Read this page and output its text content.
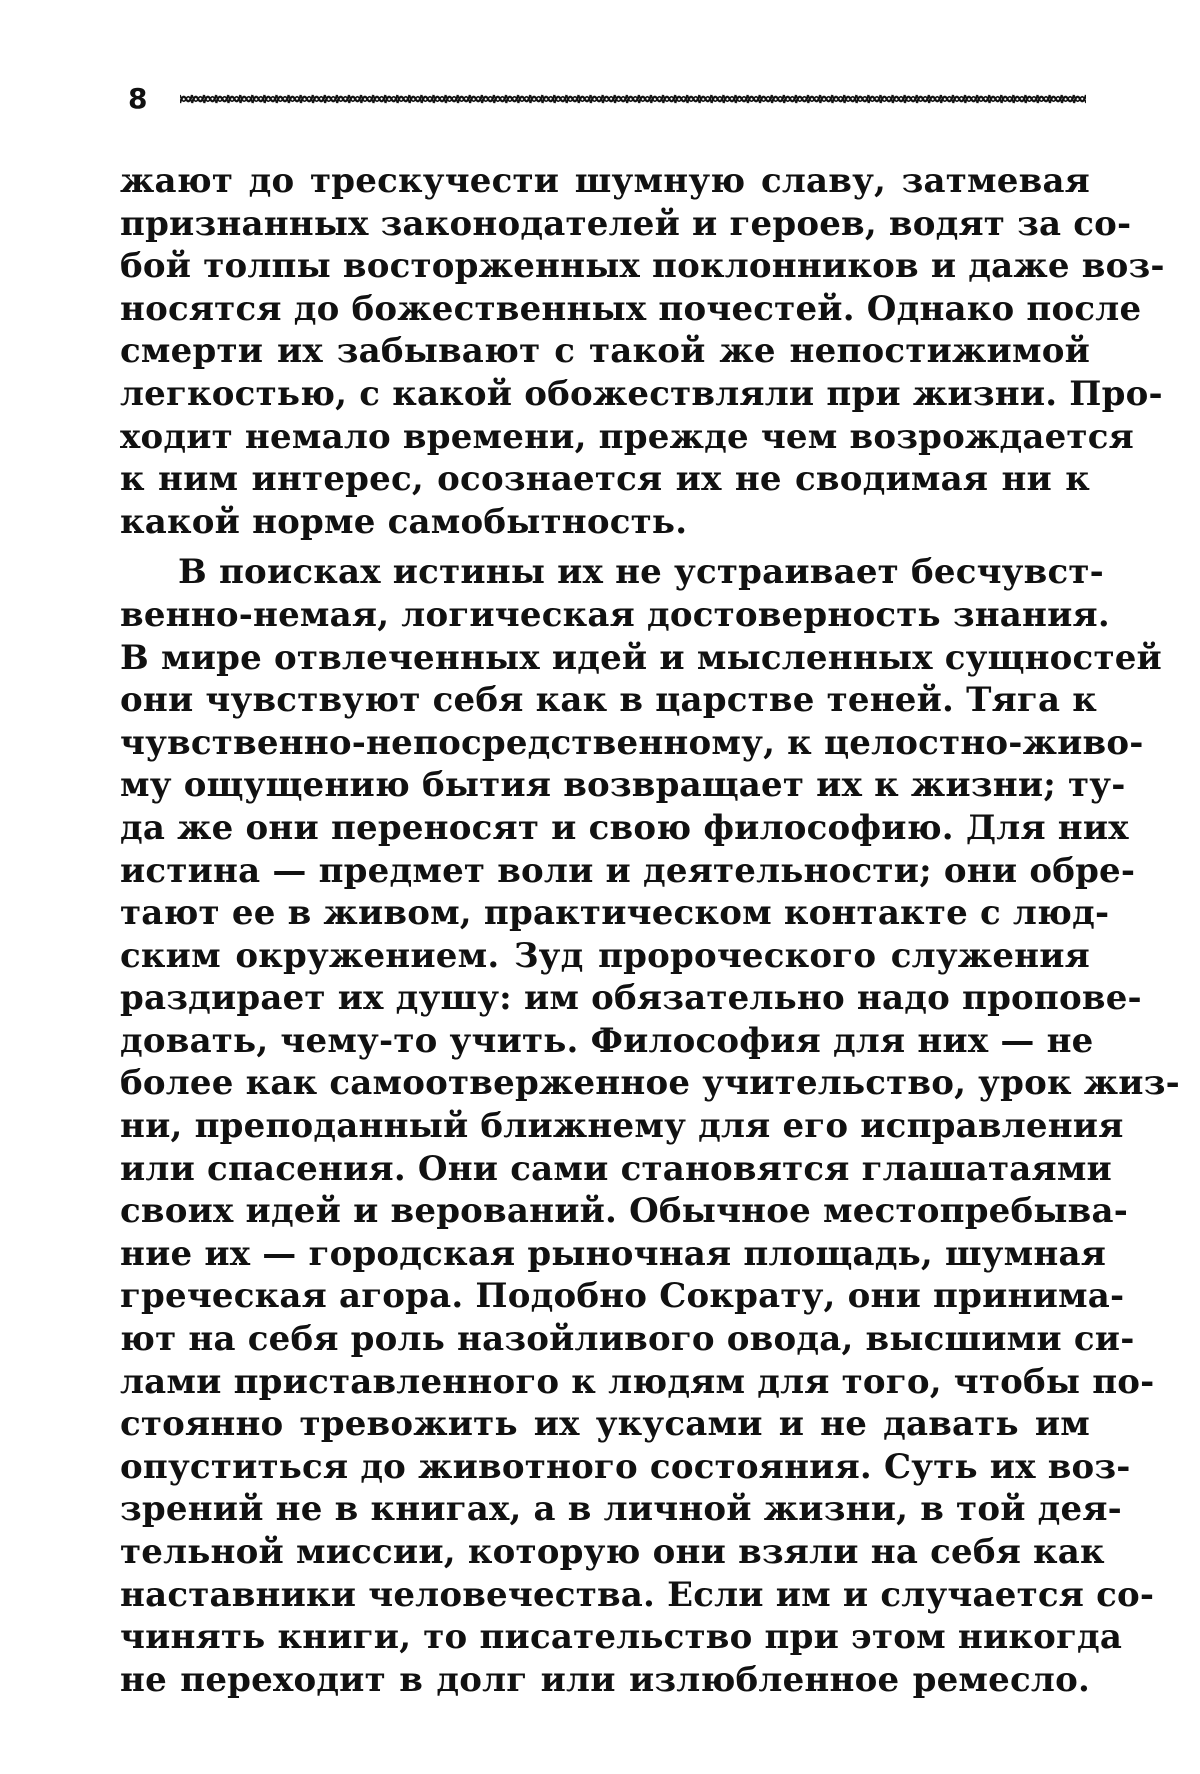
8
жают до трескучести шумную славу, затмевая
признанных законодателей и героев, водят за со-
бой толпы восторженных поклонников и даже воз-
носятся до божественных почестей. Однако после
смерти их забывают с такой же непостижимой
легкостью, с какой обожествляли при жизни. Про-
ходит немало времени, прежде чем возрождается
к ним интерес, осознается их не сводимая ни к
какой норме самобытность.
В поисках истины их не устраивает бесчувст-
венно-немая, логическая достоверность знания.
В мире отвлеченных идей и мысленных сущностей
они чувствуют себя как в царстве теней. Тяга к
чувственно-непосредственному, к целостно-живо-
му ощущению бытия возвращает их к жизни; ту-
да же они переносят и свою философию. Для них
истина — предмет воли и деятельности; они обре-
тают ее в живом, практическом контакте с люд-
ским окружением. Зуд пророческого служения
раздирает их душу: им обязательно надо пропове-
довать, чему-то учить. Философия для них — не
более как самоотверженное учительство, урок жиз-
ни, преподанный ближнему для его исправления
или спасения. Они сами становятся глашатаями
своих идей и верований. Обычное местопребыва-
ние их — городская рыночная площадь, шумная
греческая агора. Подобно Сократу, они принима-
ют на себя роль назойливого овода, высшими си-
лами приставленного к людям для того, чтобы по-
стоянно тревожить их укусами и не давать им
опуститься до животного состояния. Суть их воз-
зрений не в книгах, а в личной жизни, в той дея-
тельной миссии, которую они взяли на себя как
наставники человечества. Если им и случается со-
чинять книги, то писательство при этом никогда
не переходит в долг или излюбленное ремесло.
